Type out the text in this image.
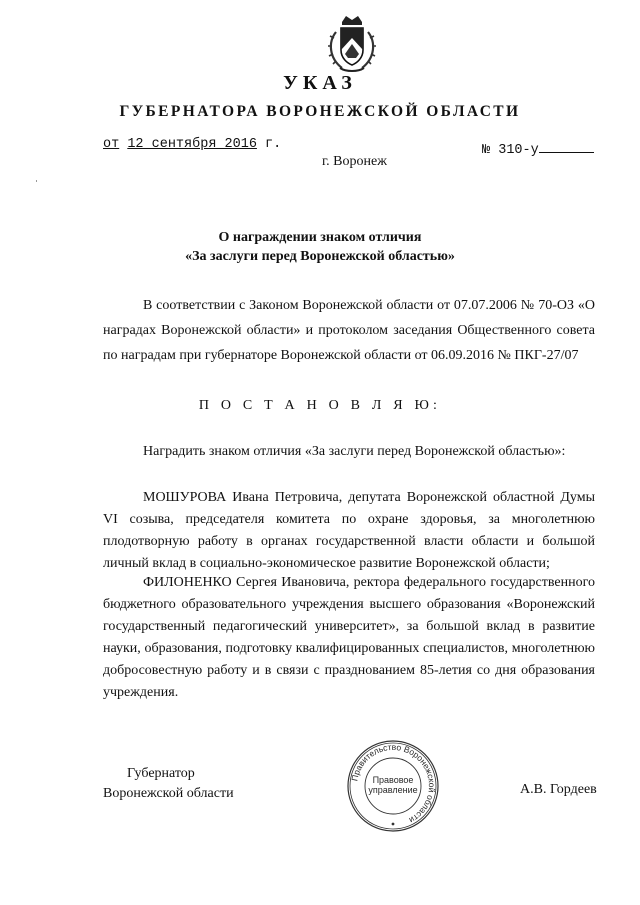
УКАЗ
ГУБЕРНАТОРА ВОРОНЕЖСКОЙ ОБЛАСТИ
от 12 сентября 2016 г.	№ 310-у
г. Воронеж
О награждении знаком отличия
«За заслуги перед Воронежской областью»
В соответствии с Законом Воронежской области от 07.07.2006 № 70-ОЗ «О наградах Воронежской области» и протоколом заседания Общественного совета по наградам при губернаторе Воронежской области от 06.09.2016 № ПКГ-27/07
П О С Т А Н О В Л Я Ю:
Наградить знаком отличия «За заслуги перед Воронежской областью»:
МОШУРОВА Ивана Петровича, депутата Воронежской областной Думы VI созыва, председателя комитета по охране здоровья, за многолетнюю плодотворную работу в органах государственной власти области и большой личный вклад в социально-экономическое развитие Воронежской области;
ФИЛОНЕНКО Сергея Ивановича, ректора федерального государственного бюджетного образовательного учреждения высшего образования «Воронежский государственный педагогический университет», за большой вклад в развитие науки, образования, подготовку квалифицированных специалистов, многолетнюю добросовестную работу и в связи с празднованием 85-летия со дня образования учреждения.
Губернатор
Воронежской области
Правительство Воронежской области
Правовое
управление	А.В. Гордеев
